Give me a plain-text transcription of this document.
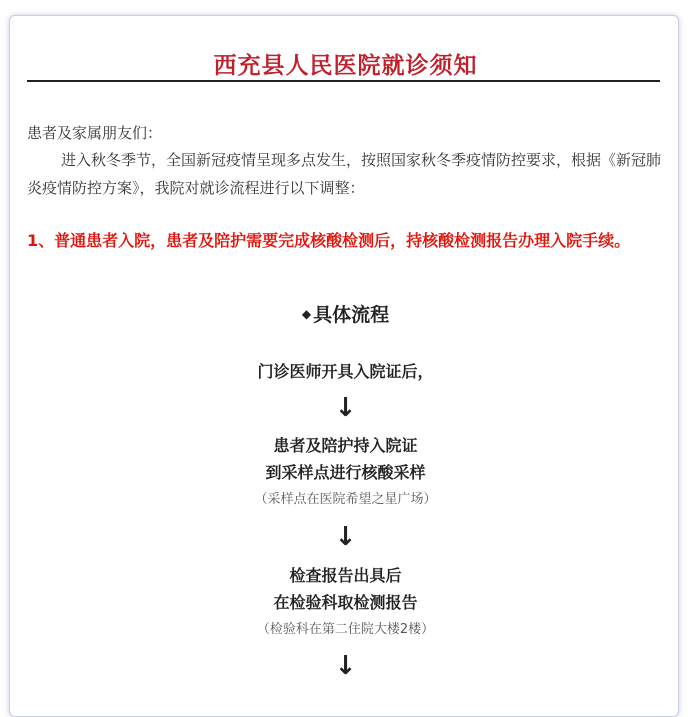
西充县人民医院就诊须知

患者及家属朋友们：

进入秋冬季节，全国新冠疫情呈现多点发生，按照国家秋冬季疫情防控要求，根据《新冠肺炎疫情防控方案》，我院对就诊流程进行以下调整：

1、普通患者入院，患者及陪护需要完成核酸检测后，持核酸检测报告办理入院手续。

◆ 具体流程
门诊医师开具入院证后，
↓
患者及陪护持入院证
到采样点进行核酸采样
（采样点在医院希望之星广场）
↓
检查报告出具后
在检验科取检测报告
（检验科在第二住院大楼2楼）
↓
